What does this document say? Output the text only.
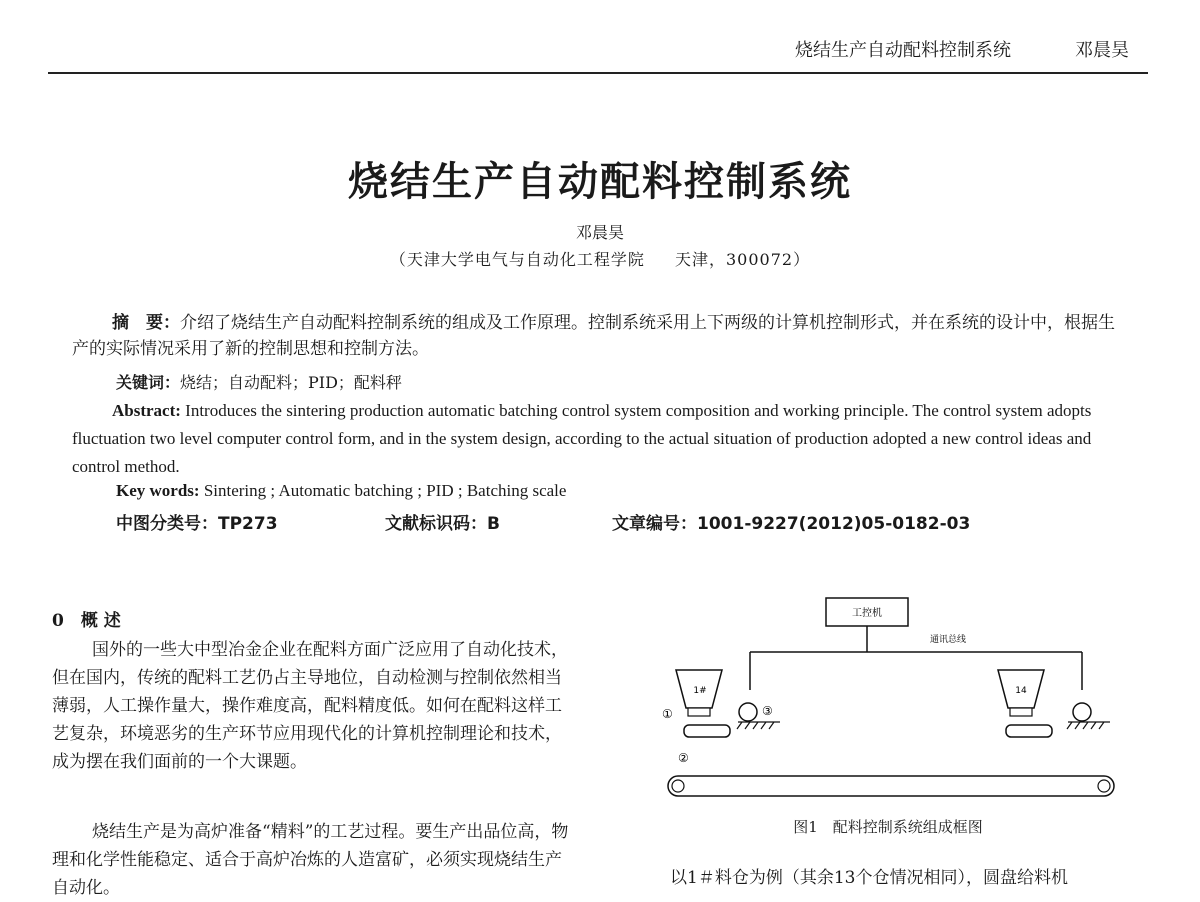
烧结生产自动配料控制系统	邓晨昊
烧结生产自动配料控制系统
邓晨昊
（天津大学电气与自动化工程学院 天津，300072）
摘　要：介绍了烧结生产自动配料控制系统的组成及工作原理。控制系统采用上下两级的计算机控制形式，并在系统的设计中，根据生产的实际情况采用了新的控制思想和控制方法。
关键词：烧结；自动配料；PID；配料秤
Abstract: Introduces the sintering production automatic batching control system composition and working principle. The control system adopts fluctuation two level computer control form, and in the system design, according to the actual situation of production adopted a new control ideas and control method.
Key words: Sintering ; Automatic batching ; PID ; Batching scale
中图分类号：TP273	文献标识码：B	文章编号：1001-9227(2012)05-0182-03
0　概 述
国外的一些大中型冶金企业在配料方面广泛应用了自动化技术，但在国内，传统的配料工艺仍占主导地位，自动检测与控制依然相当薄弱，人工操作量大，操作难度高，配料精度低。如何在配料这样工艺复杂，环境恶劣的生产环节应用现代化的计算机控制理论和技术，成为摆在我们面前的一个大课题。
烧结生产是为高炉准备“精料”的工艺过程。要生产出品位高，物理和化学性能稳定、适合于高炉冶炼的人造富矿，必须实现烧结生产自动化。	以1＃料仓为例（其余13个仓情况相同），圆盘给料机
工控机
通讯总线
1#
①	③
②
14
图1　配料控制系统组成框图
